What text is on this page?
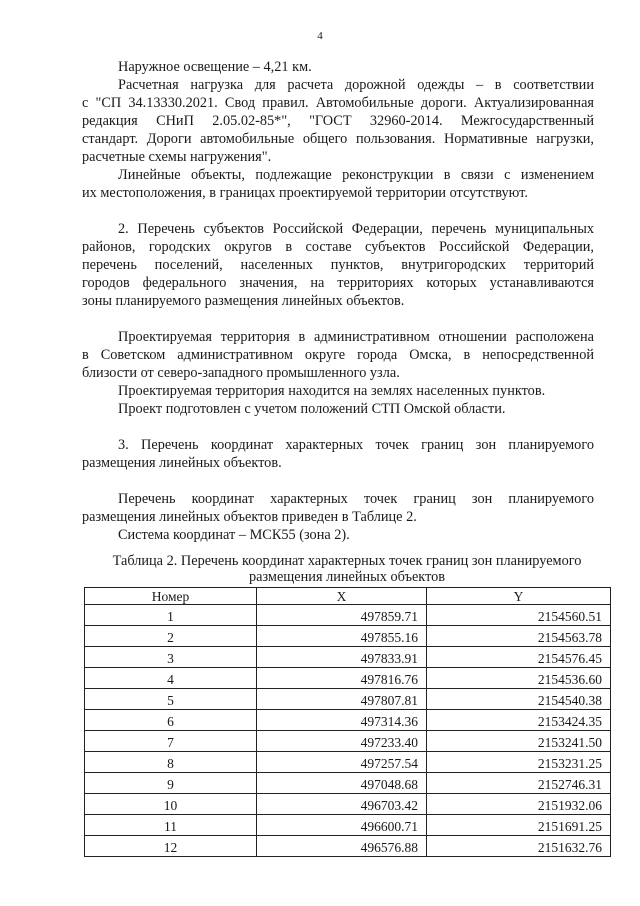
4

Наружное освещение – 4,21 км.

Расчетная нагрузка для расчета дорожной одежды – в соответствии

с "СП 34.13330.2021. Свод правил. Автомобильные дороги. Актуализированная

редакция СНиП 2.05.02-85*", "ГОСТ 32960-2014. Межгосударственный

стандарт. Дороги автомобильные общего пользования. Нормативные нагрузки,

расчетные схемы нагружения".

Линейные объекты, подлежащие реконструкции в связи с изменением

их местоположения, в границах проектируемой территории отсутствуют.

2. Перечень субъектов Российской Федерации, перечень муниципальных

районов, городских округов в составе субъектов Российской Федерации,

перечень поселений, населенных пунктов, внутригородских территорий

городов федерального значения, на территориях которых устанавливаются

зоны планируемого размещения линейных объектов.

Проектируемая территория в административном отношении расположена

в Советском административном округе города Омска, в непосредственной

близости от северо-западного промышленного узла.

Проектируемая территория находится на землях населенных пунктов.

Проект подготовлен с учетом положений СТП Омской области.

3. Перечень координат характерных точек границ зон планируемого

размещения линейных объектов.

Перечень координат характерных точек границ зон планируемого

размещения линейных объектов приведен в Таблице 2.

Система координат – МСК55 (зона 2).

Таблица 2. Перечень координат характерных точек границ зон планируемого

размещения линейных объектов

Номер	X	Y
1	497859.71	2154560.51
2	497855.16	2154563.78
3	497833.91	2154576.45
4	497816.76	2154536.60
5	497807.81	2154540.38
6	497314.36	2153424.35
7	497233.40	2153241.50
8	497257.54	2153231.25
9	497048.68	2152746.31
10	496703.42	2151932.06
11	496600.71	2151691.25
12	496576.88	2151632.76
